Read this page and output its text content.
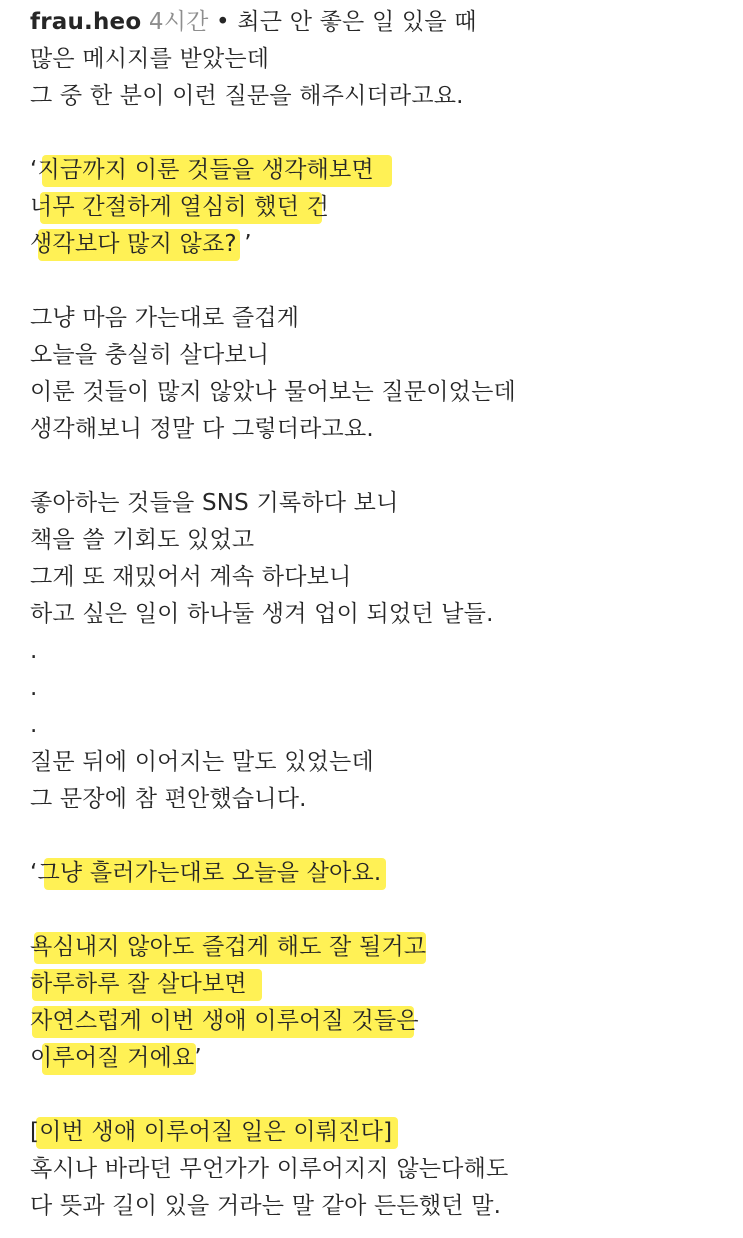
frau.heo 4시간 • 최근 안 좋은 일 있을 때
많은 메시지를 받았는데
그 중 한 분이 이런 질문을 해주시더라고요.
‘지금까지 이룬 것들을 생각해보면
너무 간절하게 열심히 했던 건
생각보다 많지 않죠? ’
그냥 마음 가는대로 즐겁게
오늘을 충실히 살다보니
이룬 것들이 많지 않았나 물어보는 질문이었는데
생각해보니 정말 다 그렇더라고요.
좋아하는 것들을 SNS 기록하다 보니
책을 쓸 기회도 있었고
그게 또 재밌어서 계속 하다보니
하고 싶은 일이 하나둘 생겨 업이 되었던 날들.
.
.
.
질문 뒤에 이어지는 말도 있었는데
그 문장에 참 편안했습니다.
‘그냥 흘러가는대로 오늘을 살아요.
욕심내지 않아도 즐겁게 해도 잘 될거고
하루하루 잘 살다보면
자연스럽게 이번 생애 이루어질 것들은
이루어질 거에요’
[이번 생애 이루어질 일은 이뤄진다]
혹시나 바라던 무언가가 이루어지지 않는다해도
다 뜻과 길이 있을 거라는 말 같아 든든했던 말.
